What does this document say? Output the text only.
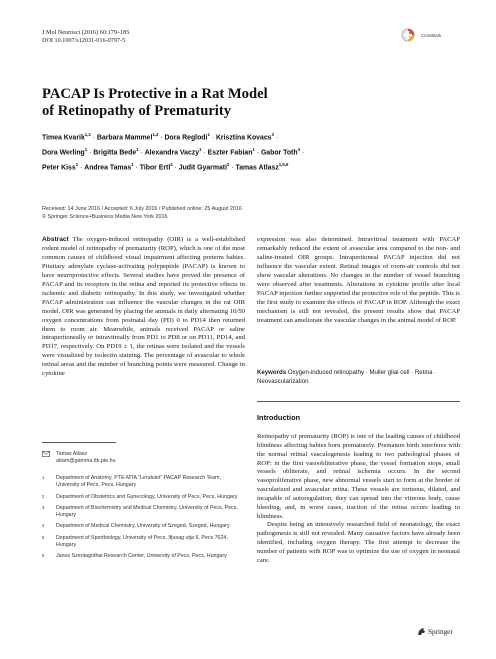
J Mol Neurosci (2016) 60:179–185
DOI 10.1007/s12031-016-0797-5
CrossMark
PACAP Is Protective in a Rat Model
of Retinopathy of Prematurity
Timea Kvarik$^{1,2}$ · Barbara Mammel$^{1,2}$ · Dora Reglodi$^1$ · Krisztina Kovacs$^3$ ·
Dora Werling$^1$ · Brigitta Bede$^1$ · Alexandra Vaczy$^1$ · Eszter Fabian$^1$ · Gabor Toth$^4$ ·
Peter Kiss$^1$ · Andrea Tamas$^1$ · Tibor Ertl$^2$ · Judit Gyarmati$^2$ · Tamas Atlasz$^{1,5,6}$
Received: 14 June 2016 / Accepted: 6 July 2016 / Published online: 25 August 2016
© Springer Science+Business Media New York 2016
Abstract The oxygen-induced retinopathy (OIR) is a well-established rodent model of retinopathy of prematurity (ROP), which is one of the most common causes of childhood visual impairment affecting preterm babies. Pituitary adenylate cyclase-activating polypeptide (PACAP) is known to have neuroprotective effects. Several studies have proved the presence of PACAP and its receptors in the retina and reported its protective effects in ischemic and diabetic retinopathy. In this study, we investigated whether PACAP administration can influence the vascular changes in the rat OIR model. OIR was generated by placing the animals in daily alternating 10/50 oxygen concentrations from postnatal day (PD) 0 to PD14 then returned them to room air. Meanwhile, animals received PACAP or saline intraperitoneally or intravitreally from PD1 to PD8 or on PD11, PD14, and PD17, respectively. On PD19 ± 1, the retinas were isolated and the vessels were visualized by isolectin staining. The percentage of avascular to whole retinal areas and the number of branching points were measured. Change in cytokine
expression was also determined. Intravitreal treatment with PACAP remarkably reduced the extent of avascular area compared to the non- and saline-treated OIR groups. Intraperitoneal PACAP injection did not influence the vascular extent. Retinal images of room-air controls did not show vascular alterations. No changes in the number of vessel branching were observed after treatments. Alterations in cytokine profile after local PACAP injection further supported the protective role of the peptide. This is the first study to examine the effects of PACAP in ROP. Although the exact mechanism is still not revealed, the present results show that PACAP treatment can ameliorate the vascular changes in the animal model of ROP.
Tamas Atlasz
attam@gamma.ttk.pte.hu
1	Department of Anatomy, PTE-MTA “Lendulet” PACAP Research Team, University of Pecs, Pecs, Hungary
2	Department of Obstetrics and Gynecology, University of Pecs, Pecs, Hungary
3	Department of Biochemistry and Medical Chemistry, University of Pecs, Pecs, Hungary
4	Department of Medical Chemistry, University of Szeged, Szeged, Hungary
5	Department of Sportbiology, University of Pecs, Ifjusag utja 6, Pecs 7624, Hungary
6	Janos Szentagothai Research Center, University of Pecs, Pecs, Hungary
Keywords Oxygen-induced retinopathy · Muller glial cell · Retina · Neovascularization
Introduction

Retinopathy of prematurity (ROP) is one of the leading causes of childhood blindness affecting babies born prematurely. Premature birth interferes with the normal retinal vasculogenesis leading to two pathological phases of ROP: in the first vasoobliterative phase, the vessel formation stops, small vessels obliterate, and retinal ischemia occurs. In the second vasoproliferative phase, new abnormal vessels start to form at the border of vascularized and avascular retina. These vessels are tortuous, dilated, and incapable of autoregulation; they can spread into the vitreous body, cause bleeding, and, in worst cases, traction of the retina occurs leading to blindness.

Despite being an intensively researched field of neonatology, the exact pathogenesis is still not revealed. Many causative factors have already been identified, including oxygen therapy. The first attempt to decrease the number of patients with ROP was to optimize the use of oxygen in neonatal care.

Springer
